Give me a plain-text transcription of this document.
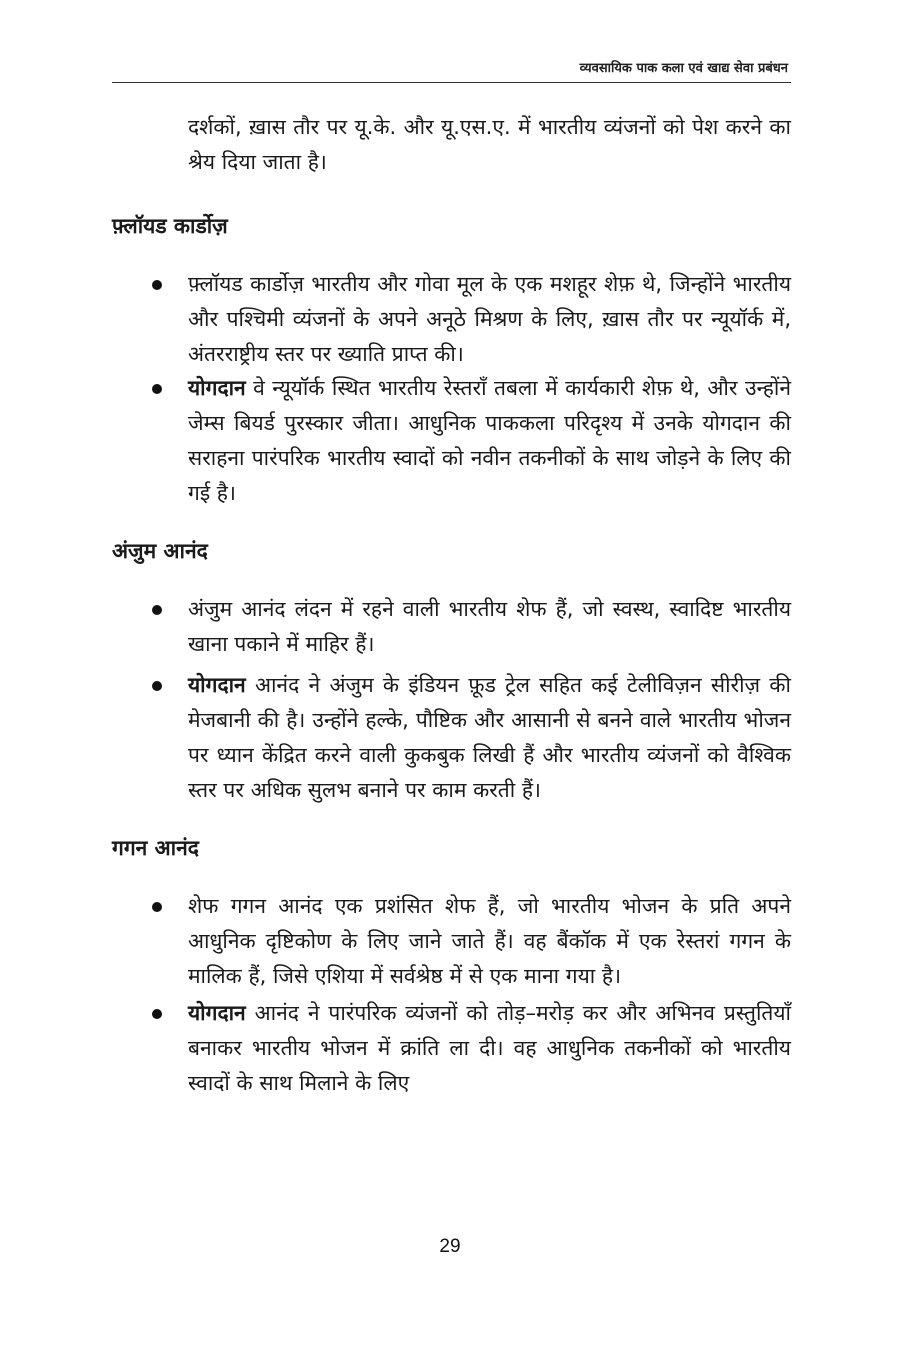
व्यवसायिक पाक कला एवं खाद्य सेवा प्रबंधन

दर्शकों, ख़ास तौर पर यू.के. और यू.एस.ए. में भारतीय व्यंजनों को पेश करने का श्रेय दिया जाता है।

फ़्लॉयड कार्डोज़
फ़्लॉयड कार्डोज़ भारतीय और गोवा मूल के एक मशहूर शेफ़ थे, जिन्होंने भारतीय और पश्चिमी व्यंजनों के अपने अनूठे मिश्रण के लिए, ख़ास तौर पर न्यूयॉर्क में, अंतरराष्ट्रीय स्तर पर ख्याति प्राप्त की।
योगदान वे न्यूयॉर्क स्थित भारतीय रेस्तराँ तबला में कार्यकारी शेफ़ थे, और उन्होंने जेम्स बियर्ड पुरस्कार जीता। आधुनिक पाककला परिदृश्य में उनके योगदान की सराहना पारंपरिक भारतीय स्वादों को नवीन तकनीकों के साथ जोड़ने के लिए की गई है।
अंजुम आनंद
अंजुम आनंद लंदन में रहने वाली भारतीय शेफ हैं, जो स्वस्थ, स्वादिष्ट भारतीय खाना पकाने में माहिर हैं।
योगदान आनंद ने अंजुम के इंडियन फ़ूड ट्रेल सहित कई टेलीविज़न सीरीज़ की मेजबानी की है। उन्होंने हल्के, पौष्टिक और आसानी से बनने वाले भारतीय भोजन पर ध्यान केंद्रित करने वाली कुकबुक लिखी हैं और भारतीय व्यंजनों को वैश्विक स्तर पर अधिक सुलभ बनाने पर काम करती हैं।
गगन आनंद
शेफ गगन आनंद एक प्रशंसित शेफ हैं, जो भारतीय भोजन के प्रति अपने आधुनिक दृष्टिकोण के लिए जाने जाते हैं। वह बैंकॉक में एक रेस्तरां गगन के मालिक हैं, जिसे एशिया में सर्वश्रेष्ठ में से एक माना गया है।
योगदान आनंद ने पारंपरिक व्यंजनों को तोड़–मरोड़ कर और अभिनव प्रस्तुतियाँ बनाकर भारतीय भोजन में क्रांति ला दी। वह आधुनिक तकनीकों को भारतीय स्वादों के साथ मिलाने के लिए
29
